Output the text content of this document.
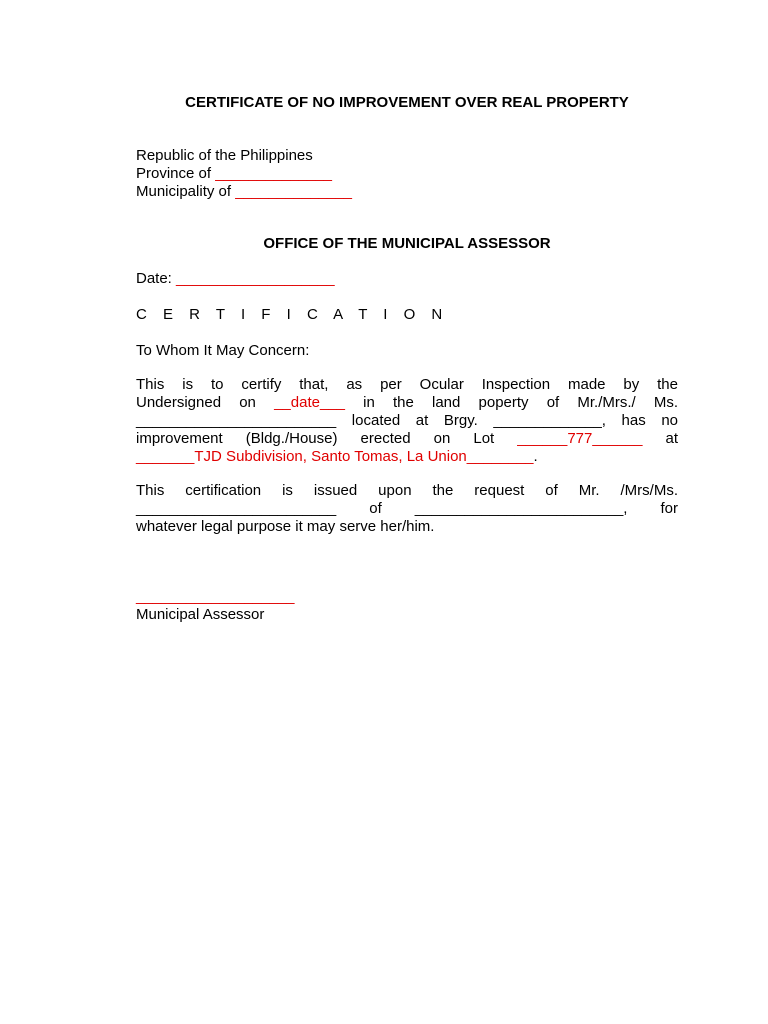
CERTIFICATE OF NO IMPROVEMENT OVER REAL PROPERTY
Republic of the Philippines
Province of ______________
Municipality of ______________
OFFICE OF THE MUNICIPAL ASSESSOR
Date: ___________________
C E R T I F I C A T I O N
To Whom It May Concern:
This is to certify that, as per Ocular Inspection made by the
Undersigned on __date___ in the land poperty of Mr./Mrs./ Ms.
________________________ located at Brgy. _____________, has no
improvement (Bldg./House) erected on Lot ______777______ at
_______TJD Subdivision, Santo Tomas, La Union________.
This certification is issued upon the request of Mr. /Mrs/Ms.
________________________ of _________________________, for
whatever legal purpose it may serve her/him.
___________________
Municipal Assessor
